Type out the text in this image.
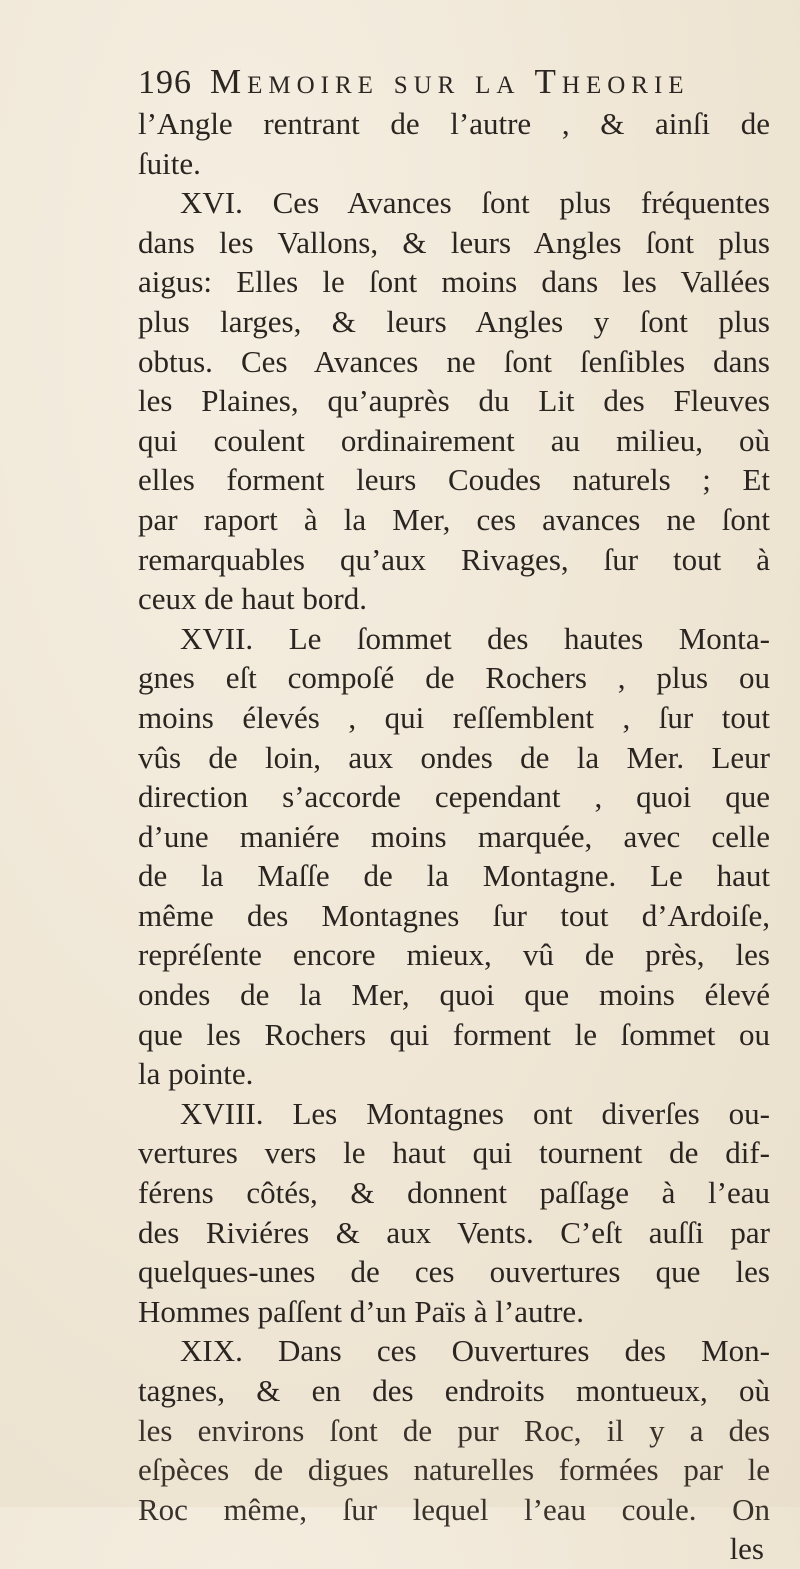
196 Memoire sur la Theorie
l’Angle rentrant de l’autre , & ainſi de
ſuite.
XVI. Ces Avances ſont plus fréquentes
dans les Vallons, & leurs Angles ſont plus
aigus: Elles le ſont moins dans les Vallées
plus larges, & leurs Angles y ſont plus
obtus. Ces Avances ne ſont ſenſibles dans
les Plaines, qu’auprès du Lit des Fleuves
qui coulent ordinairement au milieu, où
elles forment leurs Coudes naturels ; Et
par raport à la Mer, ces avances ne ſont
remarquables qu’aux Rivages, ſur tout à
ceux de haut bord.
XVII. Le ſommet des hautes Monta-
gnes eſt compoſé de Rochers , plus ou
moins élevés , qui reſſemblent , ſur tout
vûs de loin, aux ondes de la Mer. Leur
direction s’accorde cependant , quoi que
d’une maniére moins marquée, avec celle
de la Maſſe de la Montagne. Le haut
même des Montagnes ſur tout d’Ardoiſe,
repréſente encore mieux, vû de près, les
ondes de la Mer, quoi que moins élevé
que les Rochers qui forment le ſommet ou
la pointe.
XVIII. Les Montagnes ont diverſes ou-
vertures vers le haut qui tournent de dif-
férens côtés, & donnent paſſage à l’eau
des Riviéres & aux Vents. C’eſt auſſi par
quelques-unes de ces ouvertures que les
Hommes paſſent d’un Païs à l’autre.
XIX. Dans ces Ouvertures des Mon-
tagnes, & en des endroits montueux, où
les environs ſont de pur Roc, il y a des
eſpèces de digues naturelles formées par le
Roc même, ſur lequel l’eau coule. On
les
